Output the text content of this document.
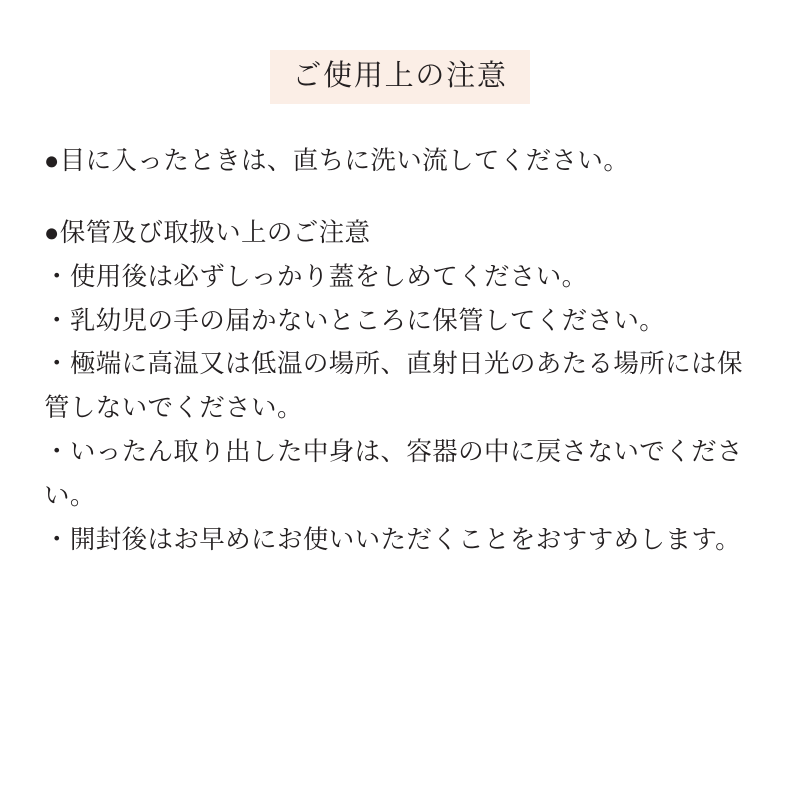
ご使用上の注意

●目に入ったときは、直ちに洗い流してください。

●保管及び取扱い上のご注意

・使用後は必ずしっかり蓋をしめてください。

・乳幼児の手の届かないところに保管してください。

・極端に高温又は低温の場所、直射日光のあたる場所には保管しないでください。

・いったん取り出した中身は、容器の中に戻さないでください。

・開封後はお早めにお使いいただくことをおすすめします。
